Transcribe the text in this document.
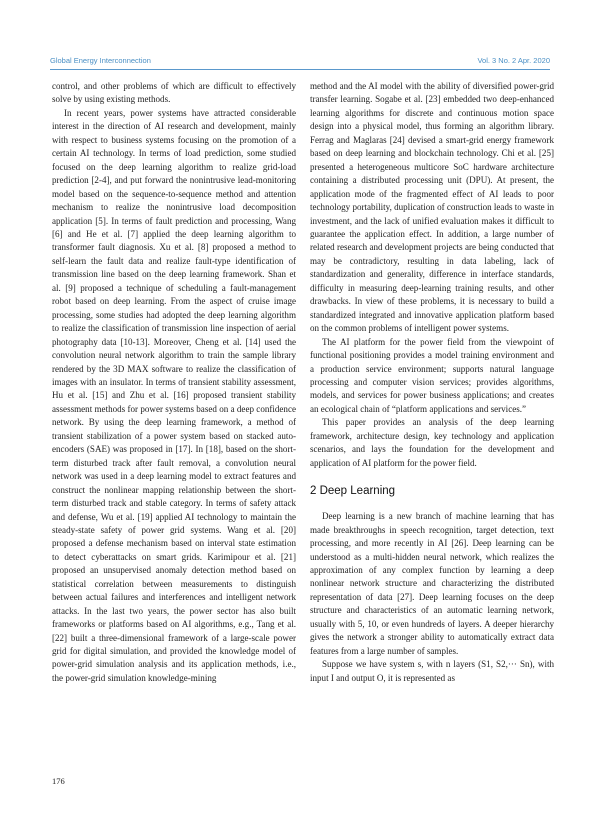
Global Energy Interconnection	Vol. 3 No. 2 Apr. 2020

control, and other problems of which are difficult to effectively solve by using existing methods.

In recent years, power systems have attracted considerable interest in the direction of AI research and development, mainly with respect to business systems focusing on the promotion of a certain AI technology. In terms of load prediction, some studied focused on the deep learning algorithm to realize grid-load prediction [2-4], and put forward the nonintrusive lead-monitoring model based on the sequence-to-sequence method and attention mechanism to realize the nonintrusive load decomposition application [5]. In terms of fault prediction and processing, Wang [6] and He et al. [7] applied the deep learning algorithm to transformer fault diagnosis. Xu et al. [8] proposed a method to self-learn the fault data and realize fault-type identification of transmission line based on the deep learning framework. Shan et al. [9] proposed a technique of scheduling a fault-management robot based on deep learning. From the aspect of cruise image processing, some studies had adopted the deep learning algorithm to realize the classification of transmission line inspection of aerial photography data [10-13]. Moreover, Cheng et al. [14] used the convolution neural network algorithm to train the sample library rendered by the 3D MAX software to realize the classification of images with an insulator. In terms of transient stability assessment, Hu et al. [15] and Zhu et al. [16] proposed transient stability assessment methods for power systems based on a deep confidence network. By using the deep learning framework, a method of transient stabilization of a power system based on stacked auto-encoders (SAE) was proposed in [17]. In [18], based on the short-term disturbed track after fault removal, a convolution neural network was used in a deep learning model to extract features and construct the nonlinear mapping relationship between the short-term disturbed track and stable category. In terms of safety attack and defense, Wu et al. [19] applied AI technology to maintain the steady-state safety of power grid systems. Wang et al. [20] proposed a defense mechanism based on interval state estimation to detect cyberattacks on smart grids. Karimipour et al. [21] proposed an unsupervised anomaly detection method based on statistical correlation between measurements to distinguish between actual failures and interferences and intelligent network attacks. In the last two years, the power sector has also built frameworks or platforms based on AI algorithms, e.g., Tang et al. [22] built a three-dimensional framework of a large-scale power grid for digital simulation, and provided the knowledge model of power-grid simulation analysis and its application methods, i.e., the power-grid simulation knowledge-mining

method and the AI model with the ability of diversified power-grid transfer learning. Sogabe et al. [23] embedded two deep-enhanced learning algorithms for discrete and continuous motion space design into a physical model, thus forming an algorithm library. Ferrag and Maglaras [24] devised a smart-grid energy framework based on deep learning and blockchain technology. Chi et al. [25] presented a heterogeneous multicore SoC hardware architecture containing a distributed processing unit (DPU). At present, the application mode of the fragmented effect of AI leads to poor technology portability, duplication of construction leads to waste in investment, and the lack of unified evaluation makes it difficult to guarantee the application effect. In addition, a large number of related research and development projects are being conducted that may be contradictory, resulting in data labeling, lack of standardization and generality, difference in interface standards, difficulty in measuring deep-learning training results, and other drawbacks. In view of these problems, it is necessary to build a standardized integrated and innovative application platform based on the common problems of intelligent power systems.

The AI platform for the power field from the viewpoint of functional positioning provides a model training environment and a production service environment; supports natural language processing and computer vision services; provides algorithms, models, and services for power business applications; and creates an ecological chain of “platform applications and services.”

This paper provides an analysis of the deep learning framework, architecture design, key technology and application scenarios, and lays the foundation for the development and application of AI platform for the power field.

2 Deep Learning

Deep learning is a new branch of machine learning that has made breakthroughs in speech recognition, target detection, text processing, and more recently in AI [26]. Deep learning can be understood as a multi-hidden neural network, which realizes the approximation of any complex function by learning a deep nonlinear network structure and characterizing the distributed representation of data [27]. Deep learning focuses on the deep structure and characteristics of an automatic learning network, usually with 5, 10, or even hundreds of layers. A deeper hierarchy gives the network a stronger ability to automatically extract data features from a large number of samples.

Suppose we have system s, with n layers (S1, S2,··· Sn), with input I and output O, it is represented as

176
